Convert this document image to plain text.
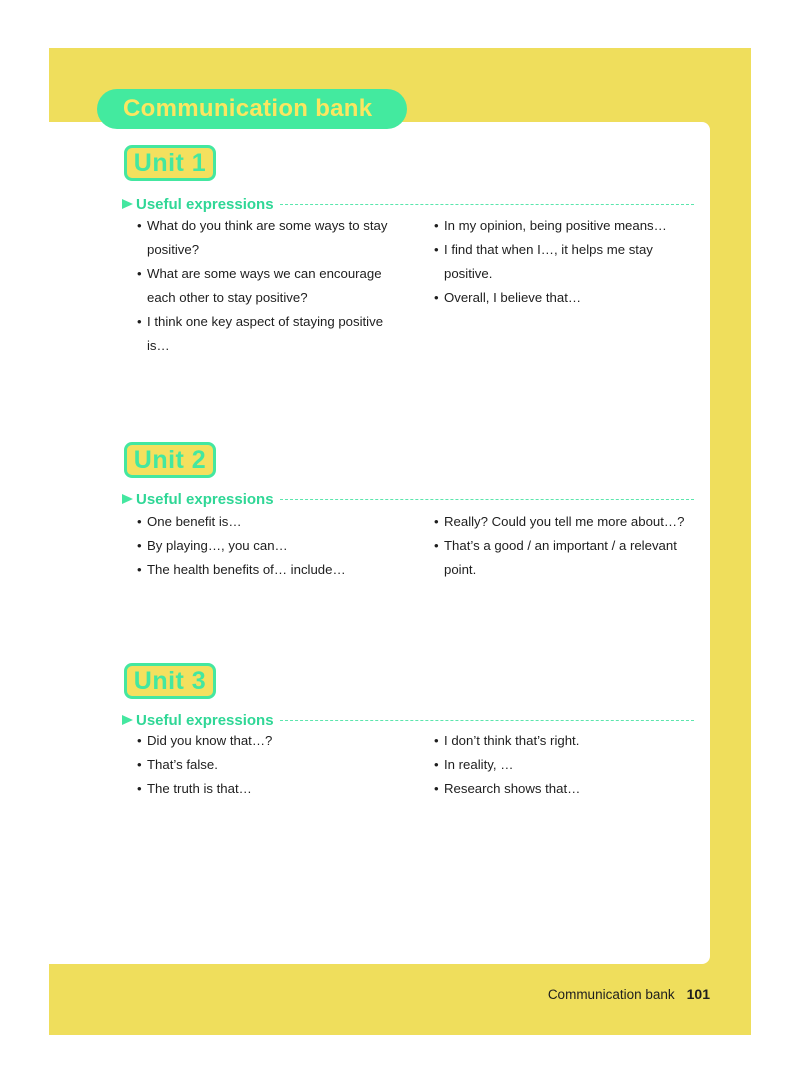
Communication bank
Unit 1
Useful expressions
• What do you think are some ways to stay positive?
• What are some ways we can encourage each other to stay positive?
• I think one key aspect of staying positive is…
• In my opinion, being positive means…
• I find that when I…, it helps me stay positive.
• Overall, I believe that…
Unit 2
Useful expressions
• One benefit is…
• By playing…, you can…
• The health benefits of… include…
• Really? Could you tell me more about…?
• That’s a good / an important / a relevant point.
Unit 3
Useful expressions
• Did you know that…?
• That’s false.
• The truth is that…
• I don’t think that’s right.
• In reality, …
• Research shows that…
Communication bank 101
